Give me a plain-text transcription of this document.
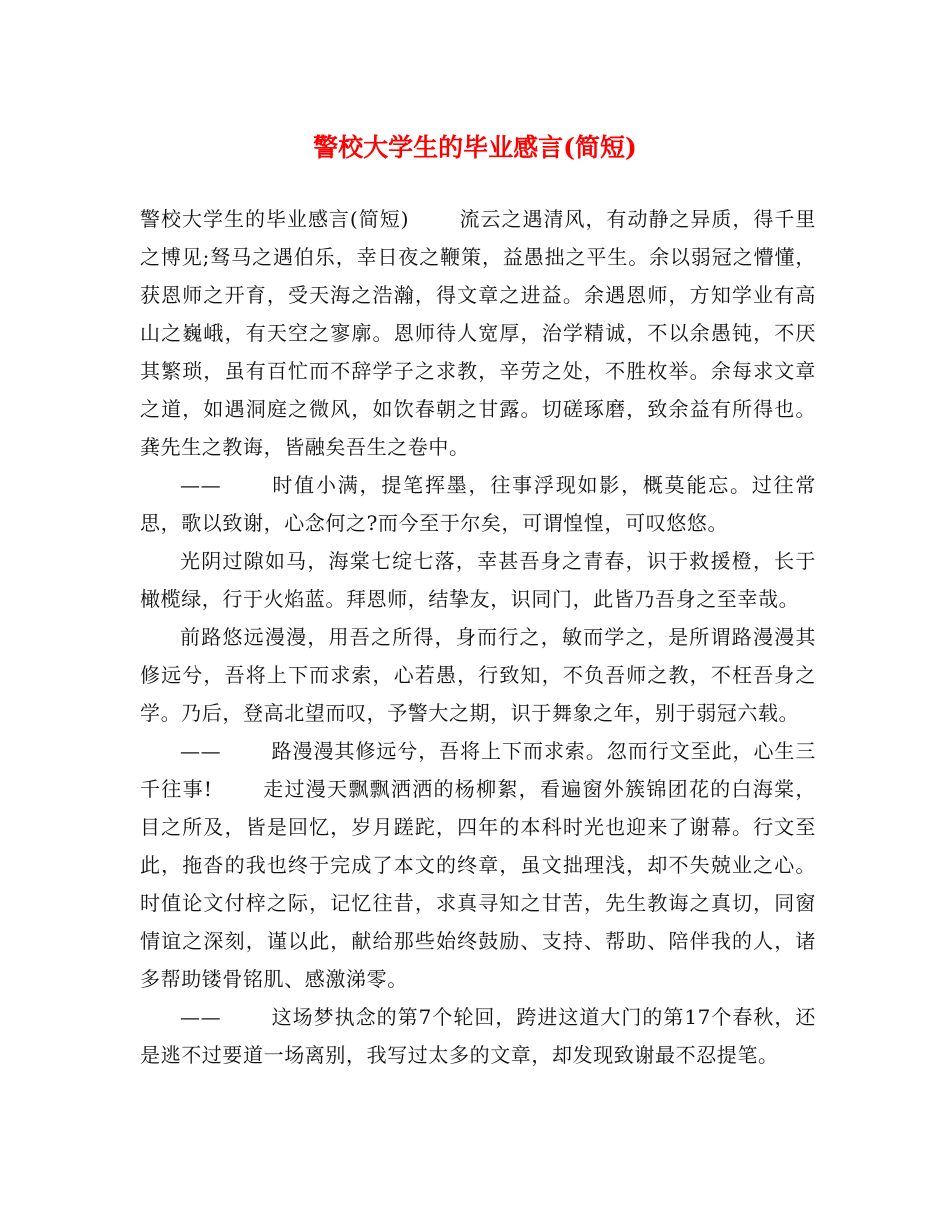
警校大学生的毕业感言(简短)

警校大学生的毕业感言(简短)	流云之遇清风，有动静之异质，得千里之博见;驽马之遇伯乐，幸日夜之鞭策，益愚拙之平生。余以弱冠之懵懂，获恩师之开育，受天海之浩瀚，得文章之进益。余遇恩师，方知学业有高山之巍峨，有天空之寥廓。恩师待人宽厚，治学精诚，不以余愚钝，不厌其繁琐，虽有百忙而不辞学子之求教，辛劳之处，不胜枚举。余每求文章之道，如遇洞庭之微风，如饮春朝之甘露。切磋琢磨，致余益有所得也。龚先生之教诲，皆融矣吾生之卷中。

——	时值小满，提笔挥墨，往事浮现如影，概莫能忘。过往常思，歌以致谢，心念何之?而今至于尔矣，可谓惶惶，可叹悠悠。

光阴过隙如马，海棠七绽七落，幸甚吾身之青春，识于救援橙，长于橄榄绿，行于火焰蓝。拜恩师，结挚友，识同门，此皆乃吾身之至幸哉。

前路悠远漫漫，用吾之所得，身而行之，敏而学之，是所谓路漫漫其修远兮，吾将上下而求索，心若愚，行致知，不负吾师之教，不枉吾身之学。乃后，登高北望而叹，予警大之期，识于舞象之年，别于弱冠六载。

——	路漫漫其修远兮，吾将上下而求索。忽而行文至此，心生三千往事!	走过漫天飘飘洒洒的杨柳絮，看遍窗外簇锦团花的白海棠，目之所及，皆是回忆，岁月蹉跎，四年的本科时光也迎来了谢幕。行文至此，拖沓的我也终于完成了本文的终章，虽文拙理浅，却不失兢业之心。时值论文付梓之际，记忆往昔，求真寻知之甘苦，先生教诲之真切，同窗情谊之深刻，谨以此，献给那些始终鼓励、支持、帮助、陪伴我的人，诸多帮助镂骨铭肌、感激涕零。

——	这场梦执念的第7个轮回，跨进这道大门的第17个春秋，还是逃不过要道一场离别，我写过太多的文章，却发现致谢最不忍提笔。
